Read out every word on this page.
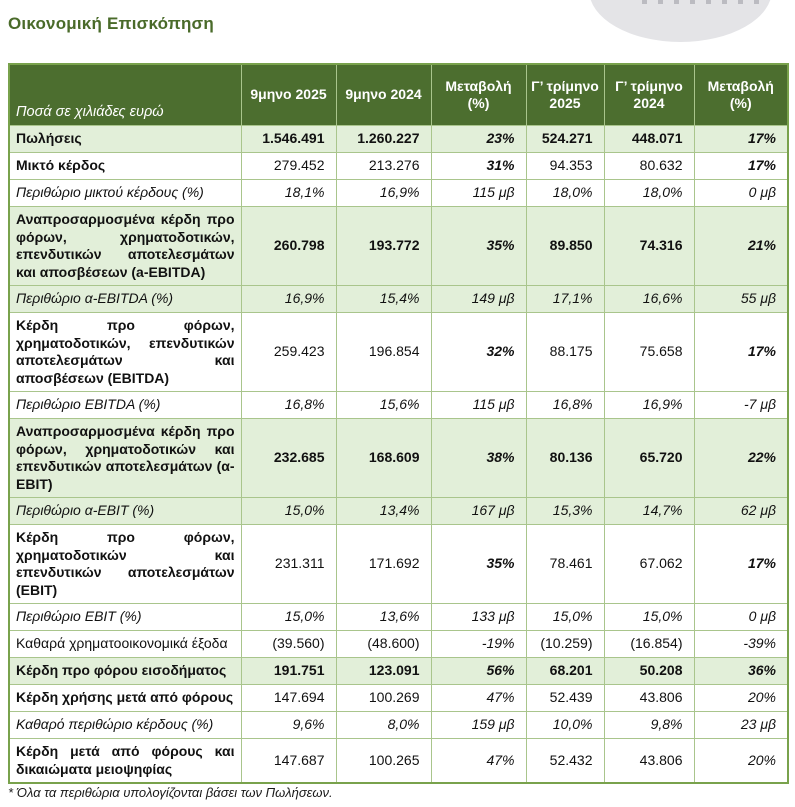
Οικονομική Επισκόπηση
Ποσά σε χιλιάδες ευρώ	9μηνο 2025	9μηνο 2024	Μεταβολή (%)	Γ’ τρίμηνο 2025	Γ’ τρίμηνο 2024	Μεταβολή (%)
Πωλήσεις	1.546.491	1.260.227	23%	524.271	448.071	17%
Μικτό κέρδος	279.452	213.276	31%	94.353	80.632	17%
Περιθώριο μικτού κέρδους (%)	18,1%	16,9%	115 μβ	18,0%	18,0%	0 μβ
Αναπροσαρμοσμένα κέρδη προ φόρων, χρηματοδοτικών, επενδυτικών αποτελεσμάτων και αποσβέσεων (a-EBITDA)	260.798	193.772	35%	89.850	74.316	21%
Περιθώριο α-EBITDA (%)	16,9%	15,4%	149 μβ	17,1%	16,6%	55 μβ
Κέρδη προ φόρων, χρηματοδοτικών, επενδυτικών αποτελεσμάτων και αποσβέσεων (EBITDA)	259.423	196.854	32%	88.175	75.658	17%
Περιθώριο EBITDA (%)	16,8%	15,6%	115 μβ	16,8%	16,9%	-7 μβ
Αναπροσαρμοσμένα κέρδη προ φόρων, χρηματοδοτικών και επενδυτικών αποτελεσμάτων (α-EBIT)	232.685	168.609	38%	80.136	65.720	22%
Περιθώριο α-EBIT (%)	15,0%	13,4%	167 μβ	15,3%	14,7%	62 μβ
Κέρδη προ φόρων, χρηματοδοτικών και επενδυτικών αποτελεσμάτων (EBIT)	231.311	171.692	35%	78.461	67.062	17%
Περιθώριο EBIT (%)	15,0%	13,6%	133 μβ	15,0%	15,0%	0 μβ
Καθαρά χρηματοοικονομικά έξοδα	(39.560)	(48.600)	-19%	(10.259)	(16.854)	-39%
Κέρδη προ φόρου εισοδήματος	191.751	123.091	56%	68.201	50.208	36%
Κέρδη χρήσης μετά από φόρους	147.694	100.269	47%	52.439	43.806	20%
Καθαρό περιθώριο κέρδους (%)	9,6%	8,0%	159 μβ	10,0%	9,8%	23 μβ
Κέρδη μετά από φόρους και δικαιώματα μειοψηφίας	147.687	100.265	47%	52.432	43.806	20%

* Όλα τα περιθώρια υπολογίζονται βάσει των Πωλήσεων.
